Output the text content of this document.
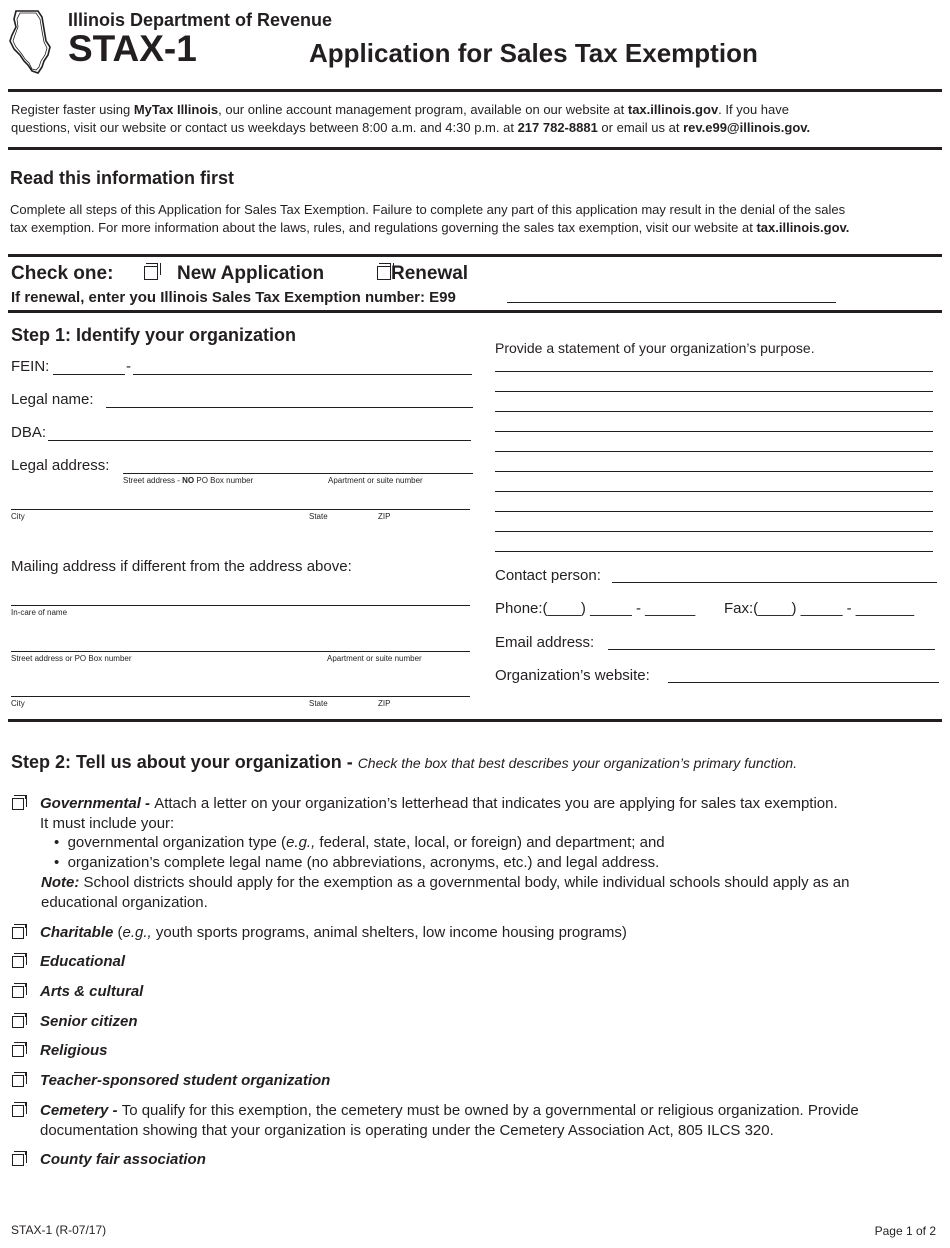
Illinois Department of Revenue
STAX-1	Application for Sales Tax Exemption
Register faster using MyTax Illinois, our online account management program, available on our website at tax.illinois.gov. If you have
questions, visit our website or contact us weekdays between 8:00 a.m. and 4:30 p.m. at 217 782-8881 or email us at rev.e99@illinois.gov.
Read this information first
Complete all steps of this Application for Sales Tax Exemption. Failure to complete any part of this application may result in the denial of the sales
tax exemption. For more information about the laws, rules, and regulations governing the sales tax exemption, visit our website at tax.illinois.gov.
Check one:
	New Application	Renewal
If renewal, enter you Illinois Sales Tax Exemption number: E99
Step 1: Identify your organization
FEIN:	-
Legal name:
DBA:
Legal address:
Street address - NO PO Box number	Apartment or suite number
City	State	ZIP
Mailing address if different from the address above:
In-care of name
Street address or PO Box number	Apartment or suite number
City	State	ZIP
Provide a statement of your organization’s purpose.
Contact person:
Phone:(____) _____ - ______ Fax:(____) _____ - _______
Email address:
Organization’s website:
Step 2: Tell us about your organization - Check the box that best describes your organization’s primary function.
Governmental - Attach a letter on your organization’s letterhead that indicates you are applying for sales tax exemption.
It must include your:
•  governmental organization type (e.g., federal, state, local, or foreign) and department; and
•  organization’s complete legal name (no abbreviations, acronyms, etc.) and legal address.
Note: School districts should apply for the exemption as a governmental body, while individual schools should apply as an
educational organization.
Charitable (e.g., youth sports programs, animal shelters, low income housing programs)
Educational
Arts & cultural
Senior citizen
Religious
Teacher-sponsored student organization
Cemetery - To qualify for this exemption, the cemetery must be owned by a governmental or religious organization. Provide
documentation showing that your organization is operating under the Cemetery Association Act, 805 ILCS 320.
County fair association
STAX-1 (R-07/17)	Page 1 of 2
